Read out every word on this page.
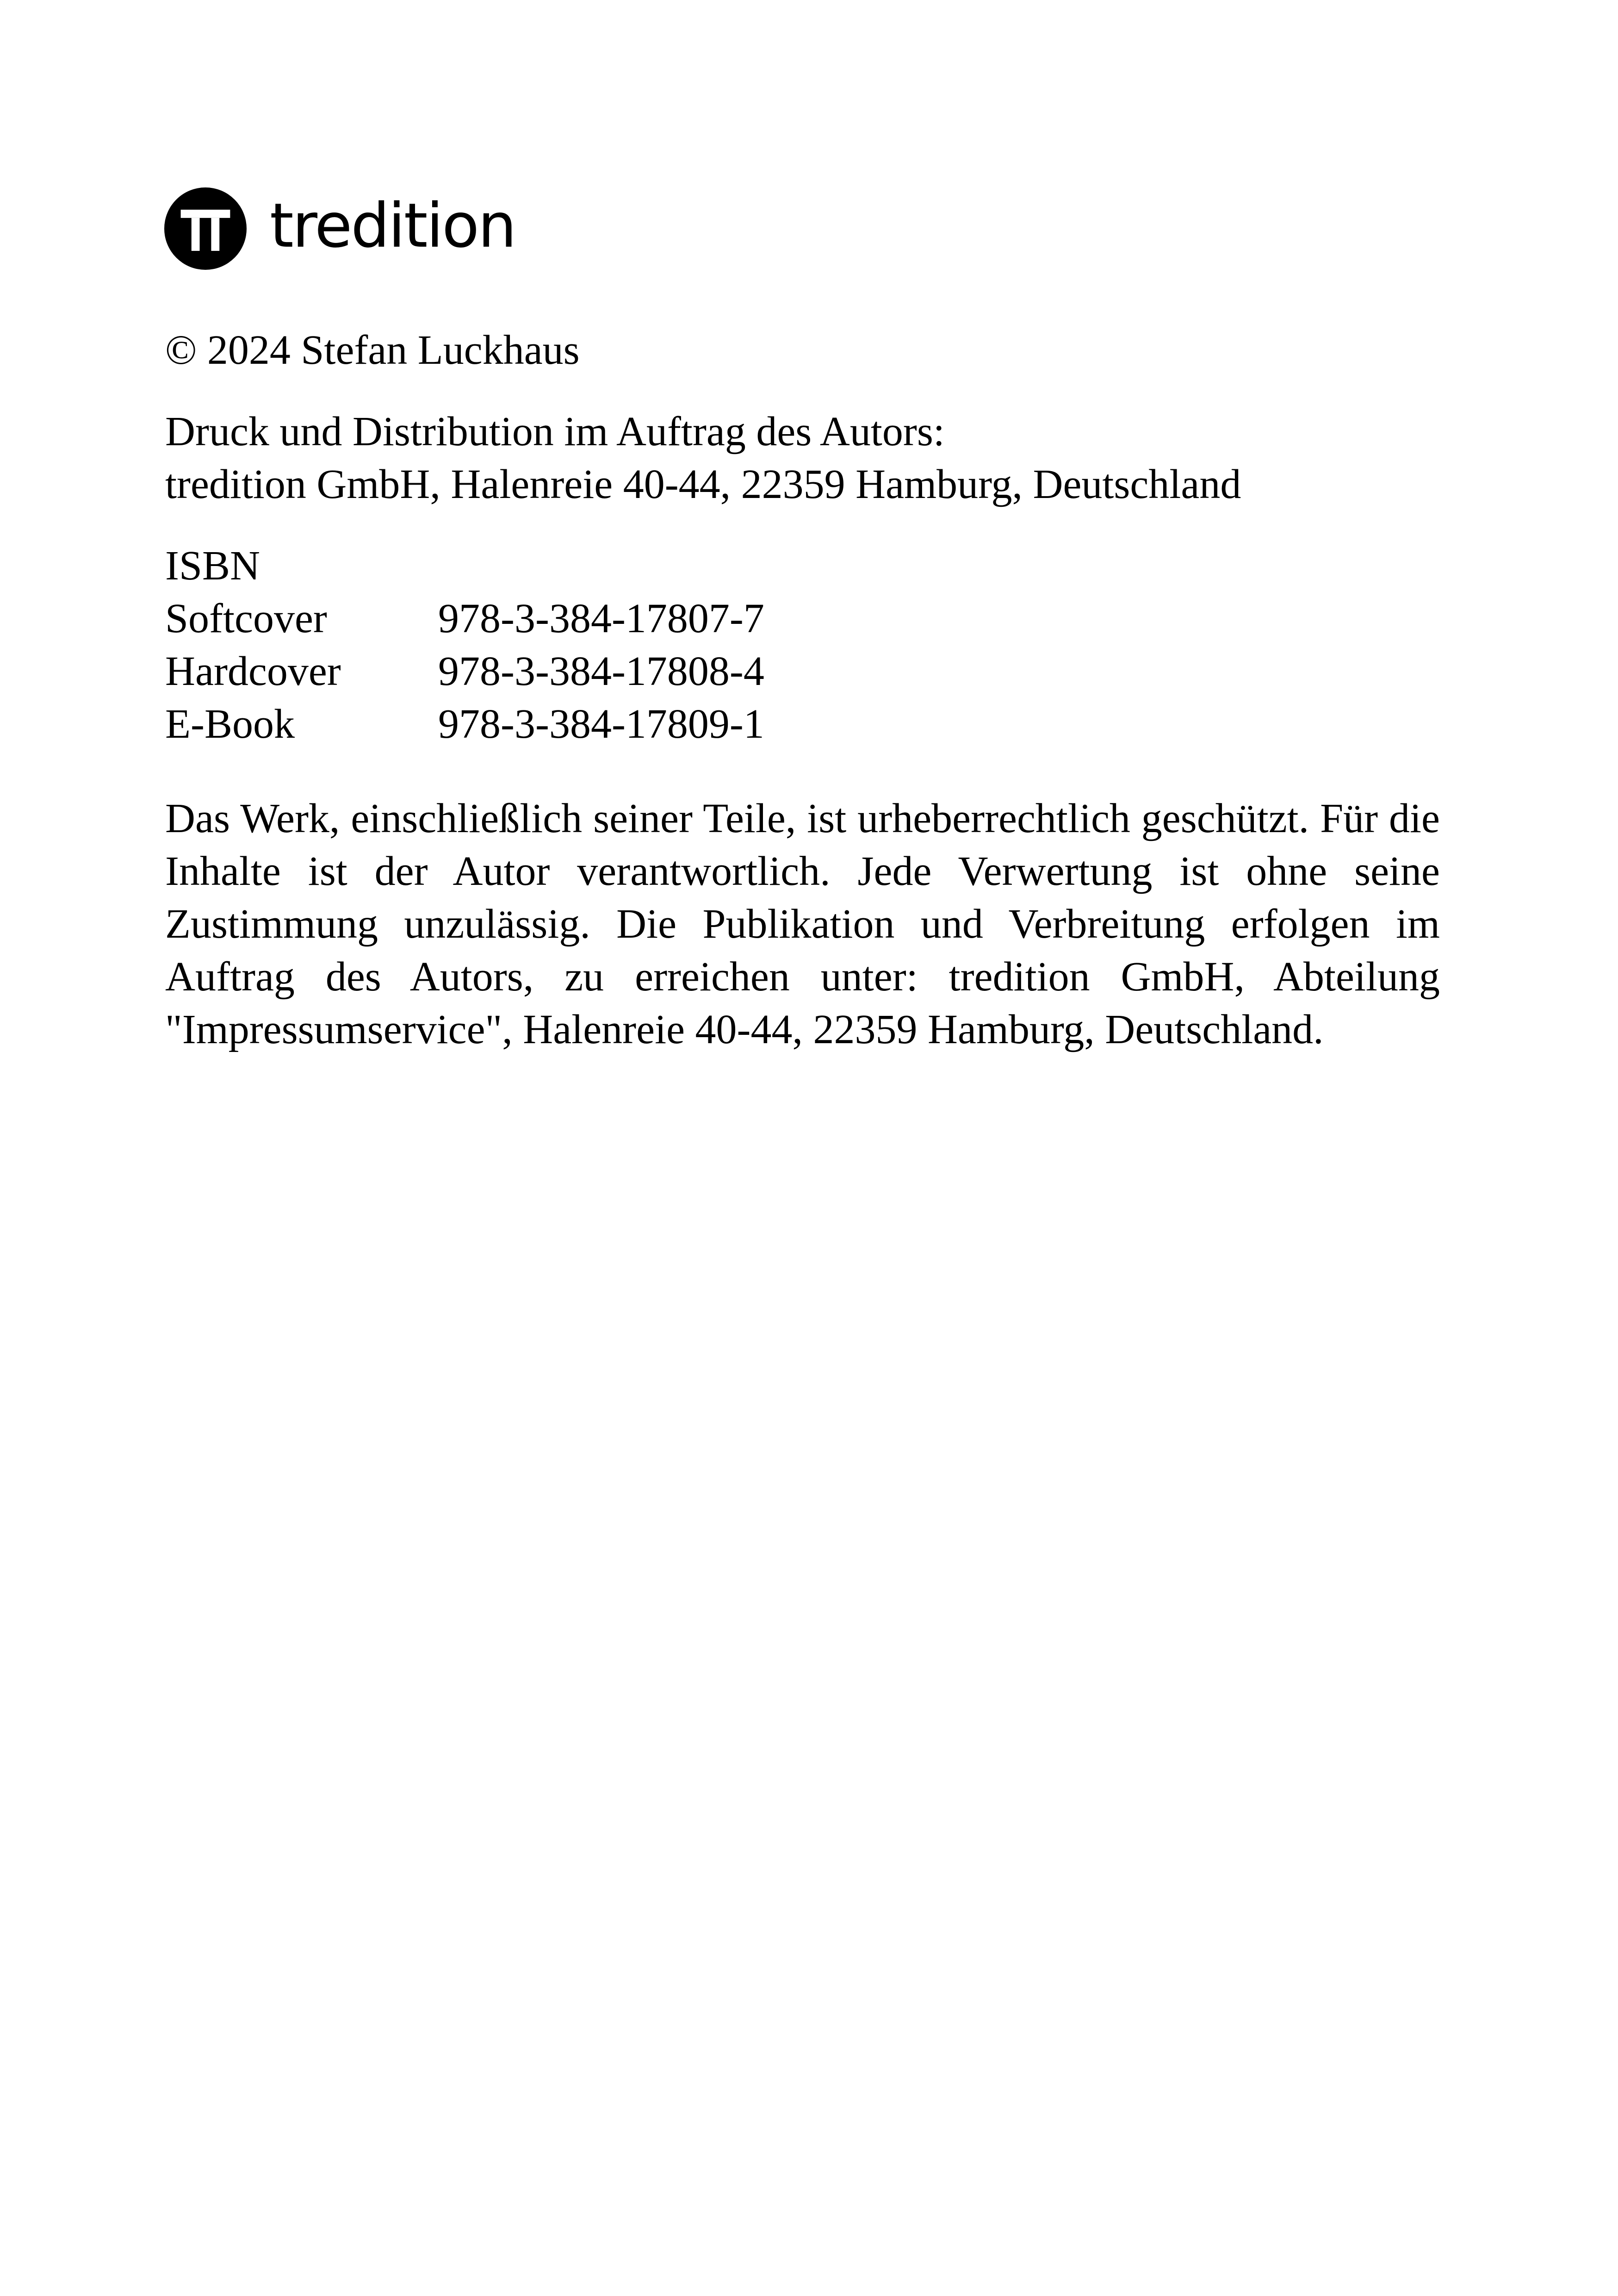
tredition
© 2024 Stefan Luckhaus
Druck und Distribution im Auftrag des Autors:
tredition GmbH, Halenreie 40-44, 22359 Hamburg, Deutschland
ISBN
Softcover	978-3-384-17807-7
Hardcover	978-3-384-17808-4
E-Book	978-3-384-17809-1

Das Werk, einschließlich seiner Teile, ist urheberrechtlich geschützt. Für die Inhalte ist der Autor verantwortlich. Jede Verwertung ist ohne seine Zustimmung unzulässig. Die Publikation und Verbreitung erfolgen im Auftrag des Autors, zu erreichen unter: tredition GmbH, Abteilung "Impressumservice", Halenreie 40-44, 22359 Hamburg, Deutschland.
